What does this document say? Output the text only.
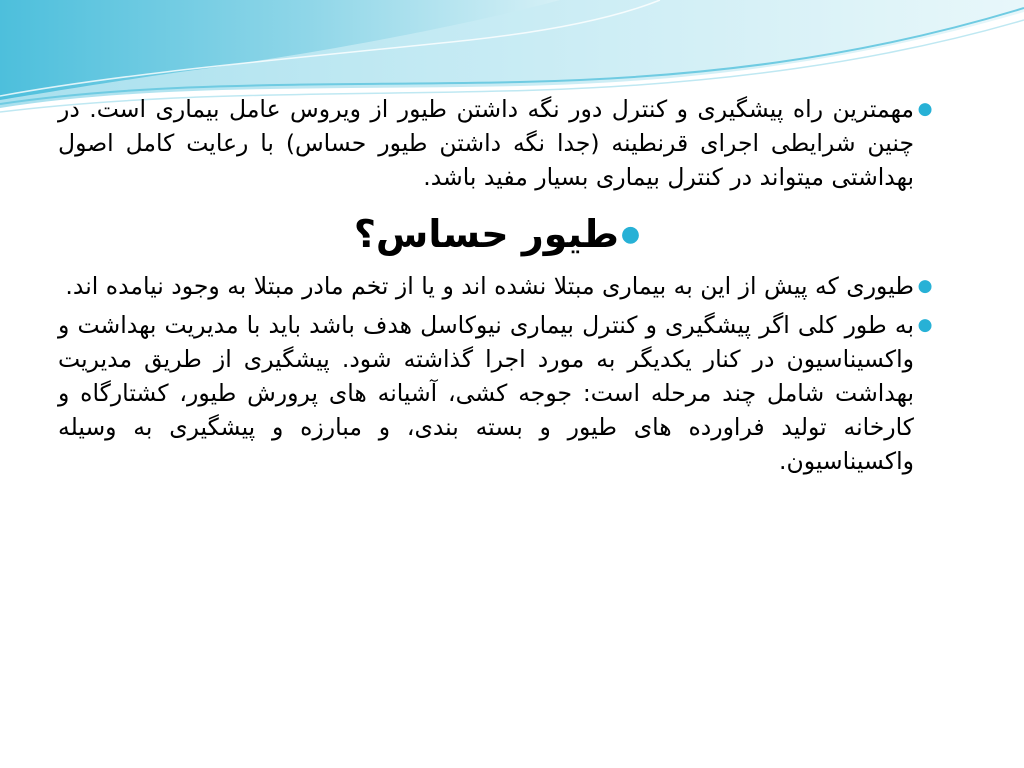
●
مهمترین راه پیشگیری و کنترل دور نگه داشتن طیور از ویروس عامل بیماری است. در چنین شرایطی اجرای قرنطینه (جدا نگه داشتن طیور حساس) با رعایت کامل اصول بهداشتی میتواند در کنترل بیماری بسیار مفید باشد.
●
طیور حساس؟
●
طیوری که پیش از این به بیماری مبتلا نشده اند و یا از تخم مادر مبتلا به وجود نیامده اند.
●
به طور کلی اگر پیشگیری و کنترل بیماری نیوکاسل هدف باشد باید با مدیریت بهداشت و واکسیناسیون در کنار یکدیگر به مورد اجرا گذاشته شود. پیشگیری از طریق مدیریت بهداشت شامل چند مرحله است: جوجه کشی، آشیانه های پرورش طیور، کشتارگاه و کارخانه تولید فراورده های طیور و بسته بندی، و مبارزه و پیشگیری به وسیله واکسیناسیون.
